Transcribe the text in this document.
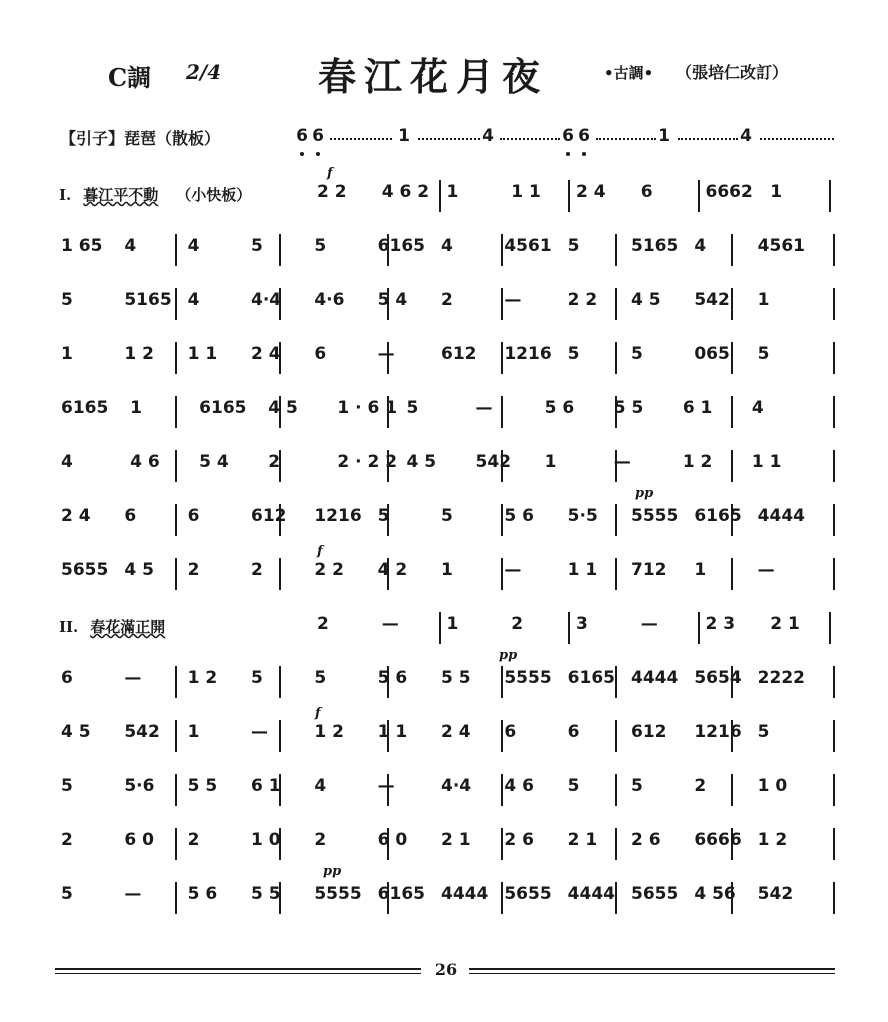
C調 2/4	春江花月夜	•古調• （張培仁改訂）
【引子】琵琶（散板）	6 6	1	4	6 6	1	4
I. 暮江平不動 （小快板）	2 2 4 6 2 1	1 1 2 4 6	6662 1
f
1 65 4	4	5	5	6165 4	4561 5	5165 4	4561
5	5165 4	4·4 4·6 5 4 2	—	2 2 4 5 542 1
1	1 2 1 1 2 4 6	—	612 1216 5	5	065 5
6165 1	6165 4 5 1 · 6 1 5	—	5 6 5 5 6 1 4
4	4 6 5 4 2	2 · 2 2 4 5 542 1	—	1 2 1 1
2 4 6	6	612 1216 5	5	5 6 5·5 5555 6165 4444
pp
5655 4 5 2	2	2 2 4 2 1	—	1 1 712 1	—
f
II. 春花滿正開	2	—	1	2	3	—	2 3 2 1
6	—	1 2 5	5	5 6 5 5 5555 6165 4444 5654 2222
pp
4 5 542 1	—	1 2 1 1 2 4 6	6	612 1216 5
f
5	5·6 5 5 6 1 4	—	4·4 4 6 5	5	2	1 0
2	6 0 2	1 0 2	6 0 2 1 2 6 2 1 2 6 6666 1 2
5	—	5 6 5 5 5555 6165 4444 5655 4444 5655 4 56 542
pp
26
